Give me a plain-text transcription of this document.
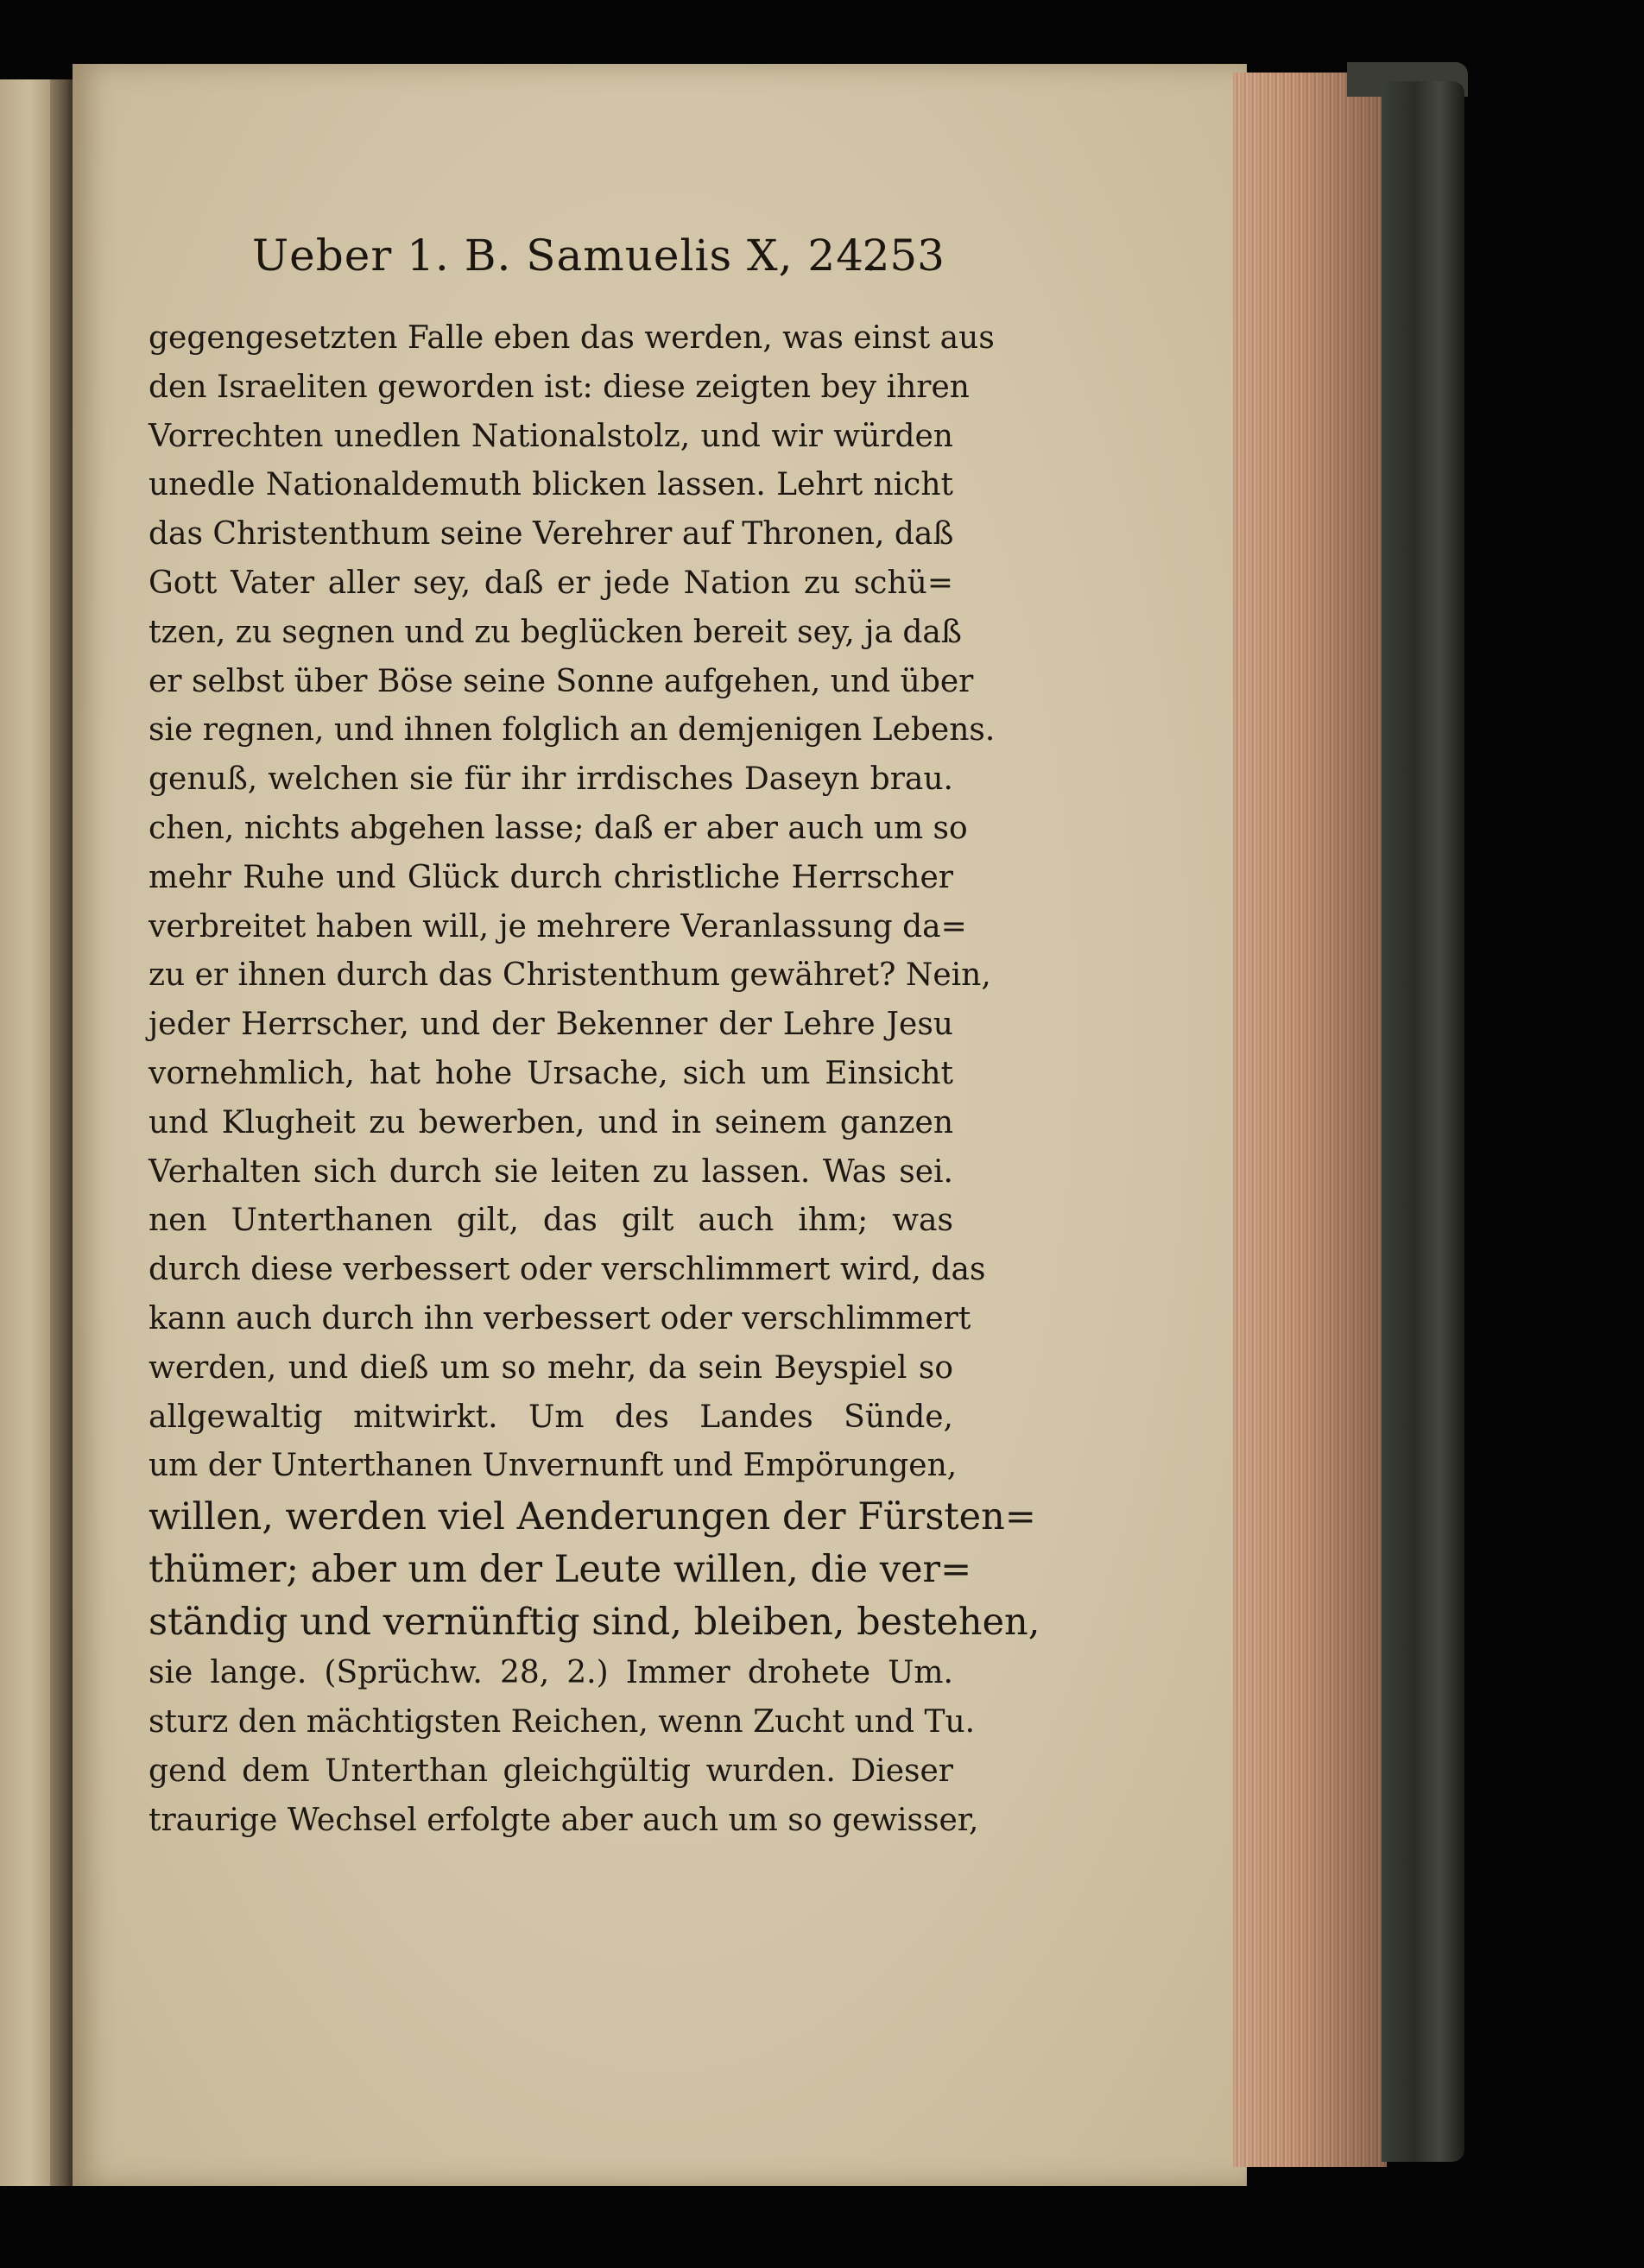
Ueber 1. B. Samuelis X, 24.
253
gegengesetzten Falle eben das werden, was einst aus
den Israeliten geworden ist: diese zeigten bey ihren
Vorrechten unedlen Nationalstolz, und wir würden
unedle Nationaldemuth blicken lassen. Lehrt nicht
das Christenthum seine Verehrer auf Thronen, daß
Gott Vater aller sey, daß er jede Nation zu schü=
tzen, zu segnen und zu beglücken bereit sey, ja daß
er selbst über Böse seine Sonne aufgehen, und über
sie regnen, und ihnen folglich an demjenigen Lebens.
genuß, welchen sie für ihr irrdisches Daseyn brau.
chen, nichts abgehen lasse; daß er aber auch um so
mehr Ruhe und Glück durch christliche Herrscher
verbreitet haben will, je mehrere Veranlassung da=
zu er ihnen durch das Christenthum gewähret? Nein,
jeder Herrscher, und der Bekenner der Lehre Jesu
vornehmlich, hat hohe Ursache, sich um Einsicht
und Klugheit zu bewerben, und in seinem ganzen
Verhalten sich durch sie leiten zu lassen. Was sei.
nen Unterthanen gilt, das gilt auch ihm; was
durch diese verbessert oder verschlimmert wird, das
kann auch durch ihn verbessert oder verschlimmert
werden, und dieß um so mehr, da sein Beyspiel so
allgewaltig mitwirkt. Um des Landes Sünde,
um der Unterthanen Unvernunft und Empörungen,
willen, werden viel Aenderungen der Fürsten=
thümer; aber um der Leute willen, die ver=
ständig und vernünftig sind, bleiben, bestehen,
sie lange. (Sprüchw. 28, 2.) Immer drohete Um.
sturz den mächtigsten Reichen, wenn Zucht und Tu.
gend dem Unterthan gleichgültig wurden. Dieser
traurige Wechsel erfolgte aber auch um so gewisser,
